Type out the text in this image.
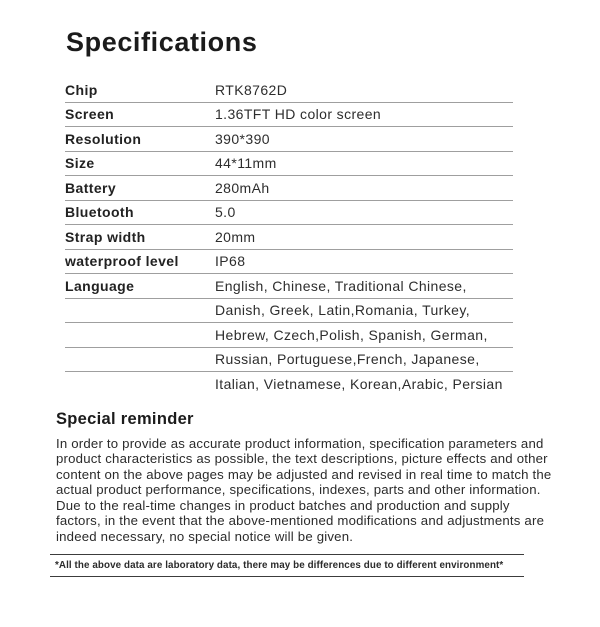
Specifications
Chip	RTK8762D
Screen	1.36TFT HD color screen
Resolution	390*390
Size	44*11mm
Battery	280mAh
Bluetooth	5.0
Strap width	20mm
waterproof level	IP68
Language	English, Chinese, Traditional Chinese,
Danish, Greek, Latin,Romania, Turkey,
Hebrew, Czech,Polish, Spanish, German,
Russian, Portuguese,French, Japanese,
Italian, Vietnamese, Korean,Arabic, Persian
Special reminder

In order to provide as accurate product information, specification parameters and product characteristics as possible, the text descriptions, picture effects and other content on the above pages may be adjusted and revised in real time to match the actual product performance, specifications, indexes, parts and other information. Due to the real-time changes in product batches and production and supply factors, in the event that the above-mentioned modifications and adjustments are indeed necessary, no special notice will be given.

*All the above data are laboratory data, there may be differences due to different environment*
